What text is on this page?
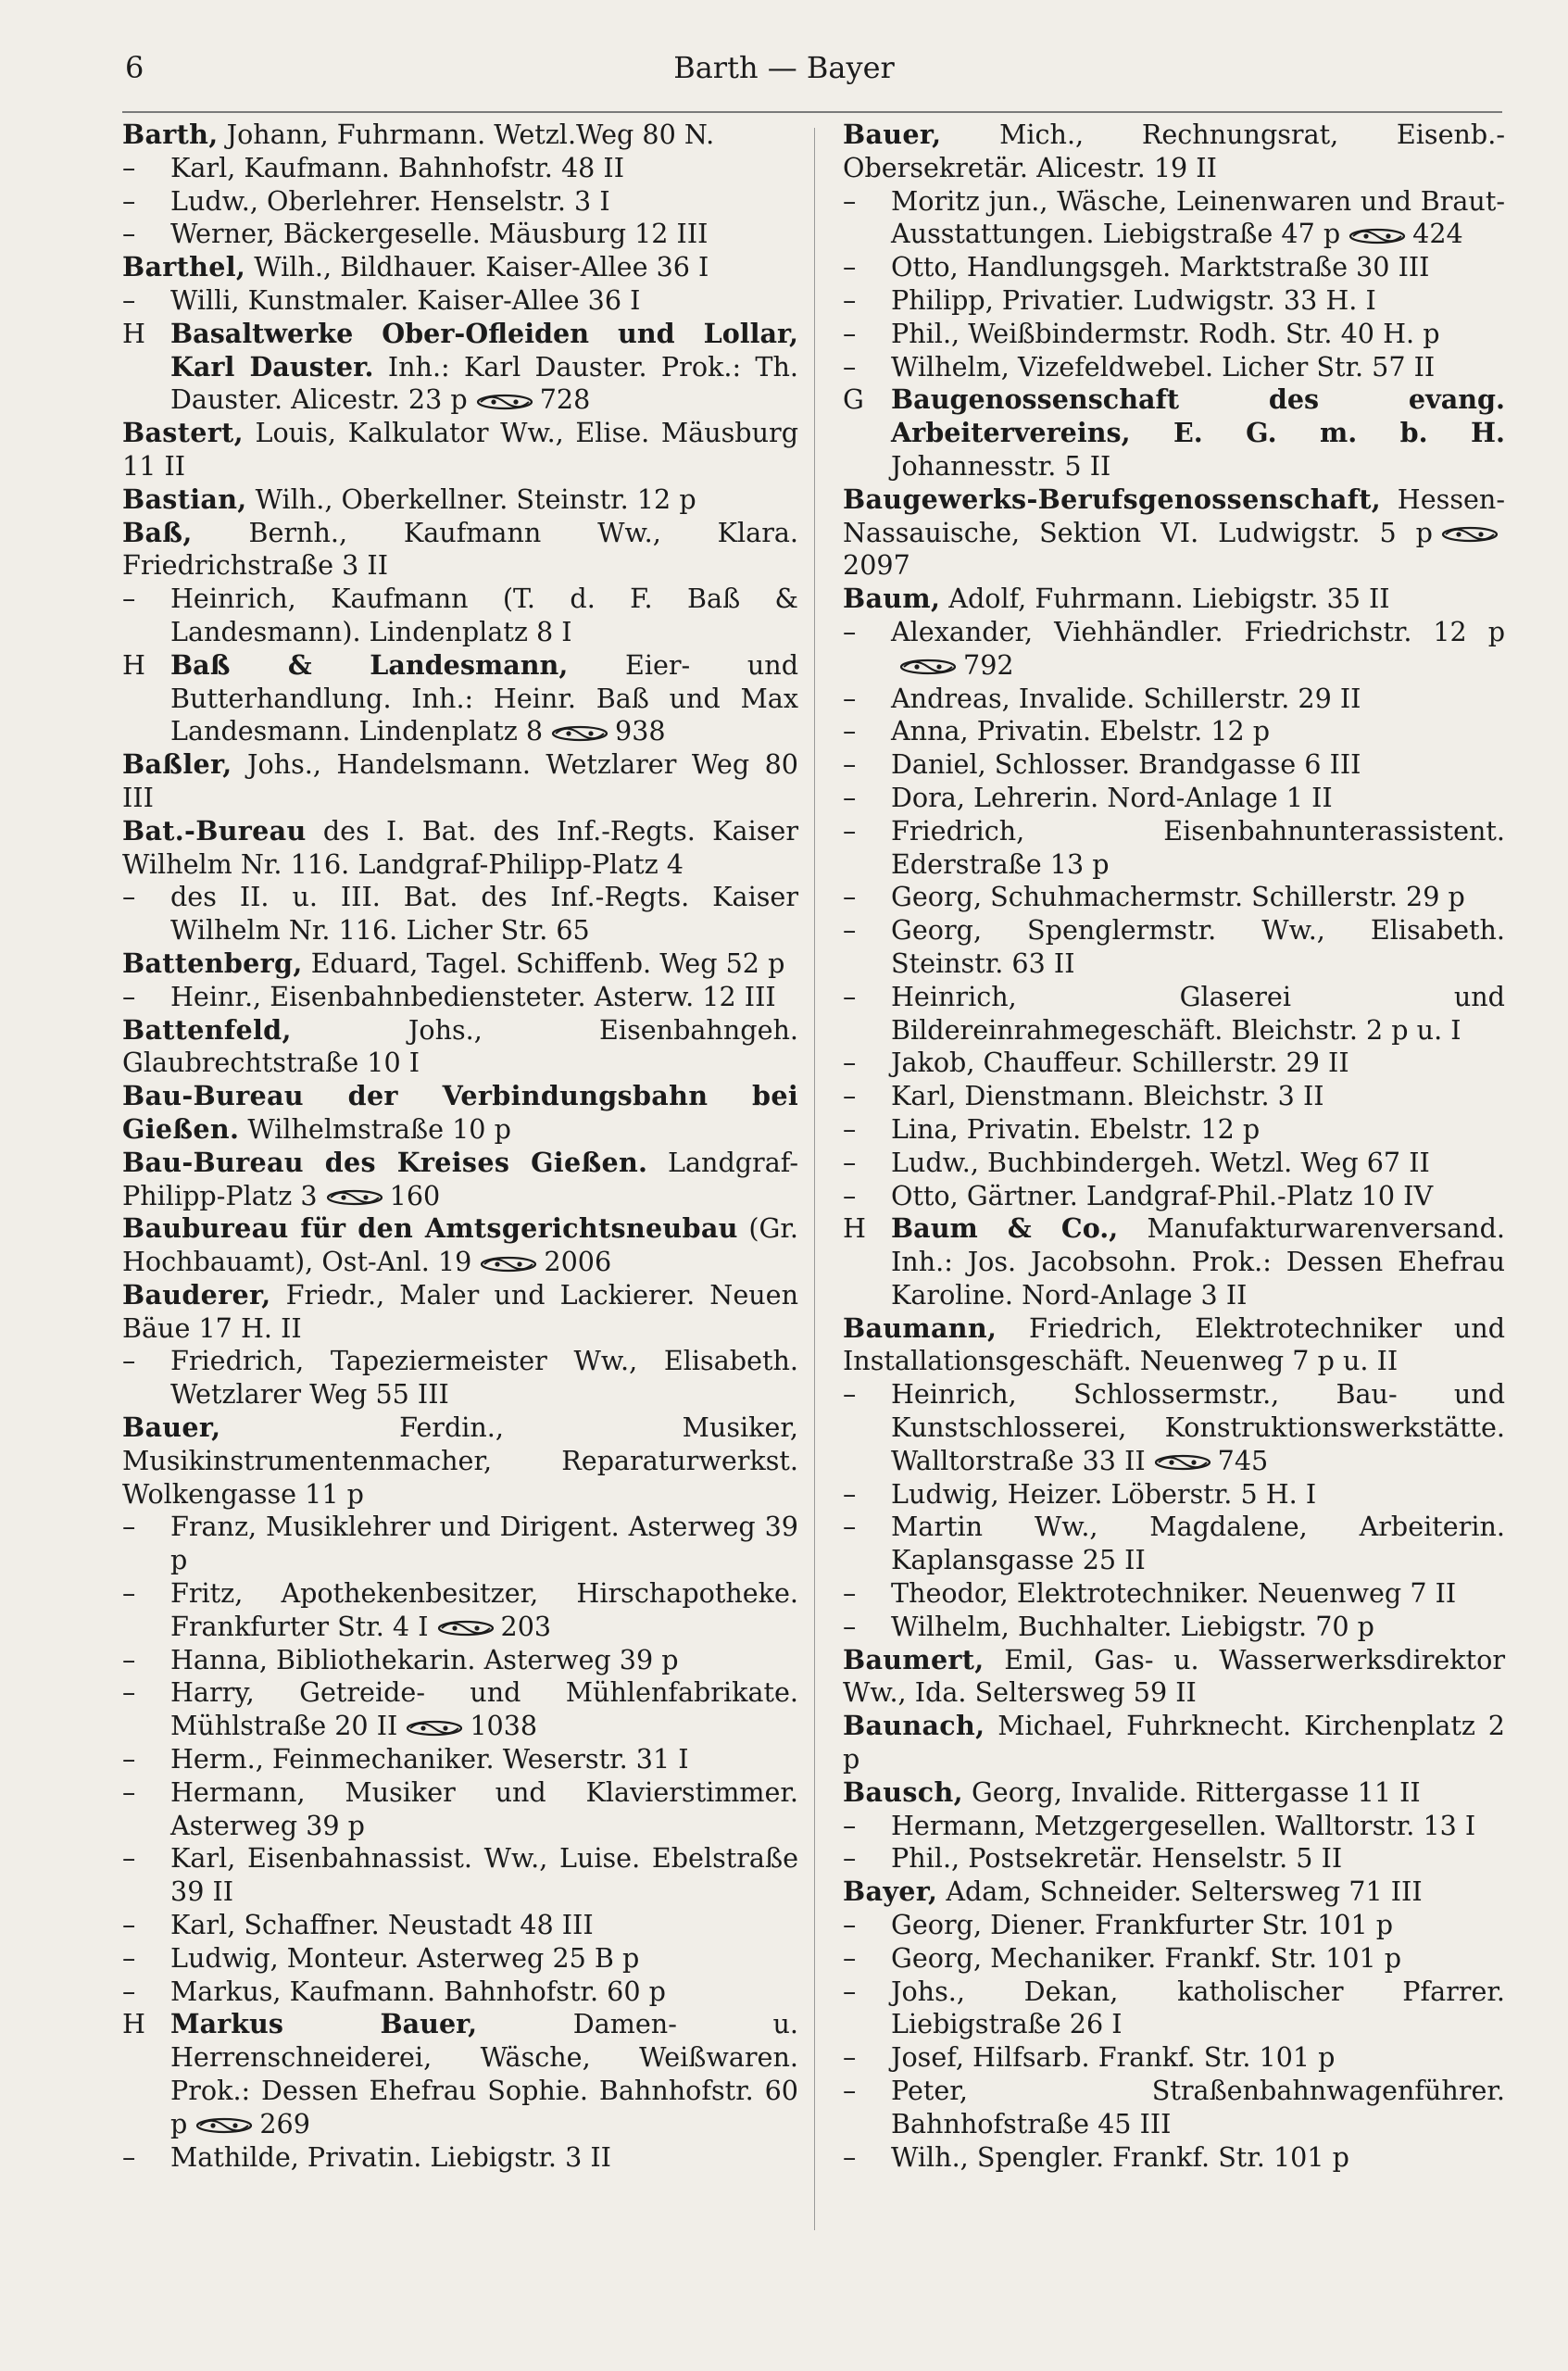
6	Barth — Bayer

Barth, Johann, Fuhrmann. Wetzl.Weg 80 N.

– Karl, Kaufmann. Bahnhofstr. 48 II

– Ludw., Oberlehrer. Henselstr. 3 I

– Werner, Bäckergeselle. Mäusburg 12 III

Barthel, Wilh., Bildhauer. Kaiser-Allee 36 I

– Willi, Kunstmaler. Kaiser-Allee 36 I

H Basaltwerke Ober-Ofleiden und Lollar, Karl Dauster. Inh.: Karl Dauster. Prok.: Th. Dauster. Alicestr. 23 p	728

Bastert, Louis, Kalkulator Ww., Elise. Mäusburg 11 II

Bastian, Wilh., Oberkellner. Steinstr. 12 p

Baß, Bernh., Kaufmann Ww., Klara. Friedrichstraße 3 II

– Heinrich, Kaufmann (T. d. F. Baß & Landesmann). Lindenplatz 8 I

H Baß & Landesmann, Eier- und Butterhandlung. Inh.: Heinr. Baß und Max Landesmann. Lindenplatz 8	938

Baßler, Johs., Handelsmann. Wetzlarer Weg 80 III

Bat.-Bureau des I. Bat. des Inf.-Regts. Kaiser Wilhelm Nr. 116. Landgraf-Philipp-Platz 4

– des II. u. III. Bat. des Inf.-Regts. Kaiser Wilhelm Nr. 116. Licher Str. 65

Battenberg, Eduard, Tagel. Schiffenb. Weg 52 p

– Heinr., Eisenbahnbediensteter. Asterw. 12 III

Battenfeld,	Johs., Eisenbahngeh. Glaubrechtstraße 10 I

Bau-Bureau der Verbindungsbahn bei Gießen. Wilhelmstraße 10 p

Bau-Bureau des Kreises Gießen. Landgraf-Philipp-Platz 3	160

Baubureau für den Amtsgerichtsneubau (Gr. Hochbauamt), Ost-Anl. 19	2006

Bauderer, Friedr., Maler und Lackierer. Neuen Bäue 17 H. II

– Friedrich, Tapeziermeister Ww., Elisabeth. Wetzlarer Weg 55 III

Bauer,	Ferdin., Musiker, Musikinstrumentenmacher, Reparaturwerkst. Wolkengasse 11 p

– Franz, Musiklehrer und Dirigent. Asterweg 39 p

– Fritz, Apothekenbesitzer, Hirschapotheke. Frankfurter Str. 4 I	203

– Hanna, Bibliothekarin. Asterweg 39 p

– Harry, Getreide- und Mühlenfabrikate. Mühlstraße 20 II	1038

– Herm., Feinmechaniker. Weserstr. 31 I

– Hermann, Musiker und Klavierstimmer. Asterweg 39 p

– Karl, Eisenbahnassist. Ww., Luise. Ebelstraße 39 II

– Karl, Schaffner. Neustadt 48 III

– Ludwig, Monteur. Asterweg 25 B p

– Markus, Kaufmann. Bahnhofstr. 60 p

H Markus Bauer,	Damen- u. Herrenschneiderei, Wäsche, Weißwaren. Prok.: Dessen Ehefrau Sophie. Bahnhofstr. 60 p	269

– Mathilde, Privatin. Liebigstr. 3 II

Bauer, Mich., Rechnungsrat, Eisenb.-Obersekretär. Alicestr. 19 II

– Moritz jun., Wäsche, Leinenwaren und Braut-Ausstattungen. Liebigstraße 47 p	424

– Otto, Handlungsgeh. Marktstraße 30 III

– Philipp, Privatier. Ludwigstr. 33 H. I

– Phil., Weißbindermstr. Rodh. Str. 40 H. p

– Wilhelm, Vizefeldwebel. Licher Str. 57 II

G Baugenossenschaft des evang. Arbeitervereins, E. G. m. b. H. Johannesstr. 5 II

Baugewerks-Berufsgenossenschaft, Hessen-Nassauische, Sektion VI. Ludwigstr. 5 p2097

Baum, Adolf, Fuhrmann. Liebigstr. 35 II

– Alexander, Viehhändler. Friedrichstr. 12 p792

– Andreas, Invalide. Schillerstr. 29 II

– Anna, Privatin. Ebelstr. 12 p

– Daniel, Schlosser. Brandgasse 6 III

– Dora, Lehrerin. Nord-Anlage 1 II

– Friedrich, Eisenbahnunterassistent. Ederstraße 13 p

– Georg, Schuhmachermstr. Schillerstr. 29 p

– Georg, Spenglermstr. Ww., Elisabeth. Steinstr. 63 II

– Heinrich, Glaserei und Bildereinrahmegeschäft. Bleichstr. 2 p u. I

– Jakob, Chauffeur. Schillerstr. 29 II

– Karl, Dienstmann. Bleichstr. 3 II

– Lina, Privatin. Ebelstr. 12 p

– Ludw., Buchbindergeh. Wetzl. Weg 67 II

– Otto, Gärtner. Landgraf-Phil.-Platz 10 IV

H Baum & Co., Manufakturwarenversand. Inh.: Jos. Jacobsohn. Prok.: Dessen Ehefrau Karoline. Nord-Anlage 3 II

Baumann, Friedrich, Elektrotechniker und Installationsgeschäft. Neuenweg 7 p u. II

– Heinrich, Schlossermstr., Bau- und Kunstschlosserei, Konstruktionswerkstätte. Walltorstraße 33 II	745

– Ludwig, Heizer. Löberstr. 5 H. I

– Martin Ww., Magdalene, Arbeiterin. Kaplansgasse 25 II

– Theodor, Elektrotechniker. Neuenweg 7 II

– Wilhelm, Buchhalter. Liebigstr. 70 p

Baumert, Emil, Gas- u. Wasserwerksdirektor Ww., Ida. Seltersweg 59 II

Baunach, Michael, Fuhrknecht. Kirchenplatz 2 p

Bausch, Georg, Invalide. Rittergasse 11 II

– Hermann, Metzgergesellen. Walltorstr. 13 I

– Phil., Postsekretär. Henselstr. 5 II

Bayer, Adam, Schneider. Seltersweg 71 III

– Georg, Diener. Frankfurter Str. 101 p

– Georg, Mechaniker. Frankf. Str. 101 p

– Johs., Dekan, katholischer Pfarrer. Liebigstraße 26 I

– Josef, Hilfsarb. Frankf. Str. 101 p

– Peter, Straßenbahnwagenführer. Bahnhofstraße 45 III

– Wilh., Spengler. Frankf. Str. 101 p
